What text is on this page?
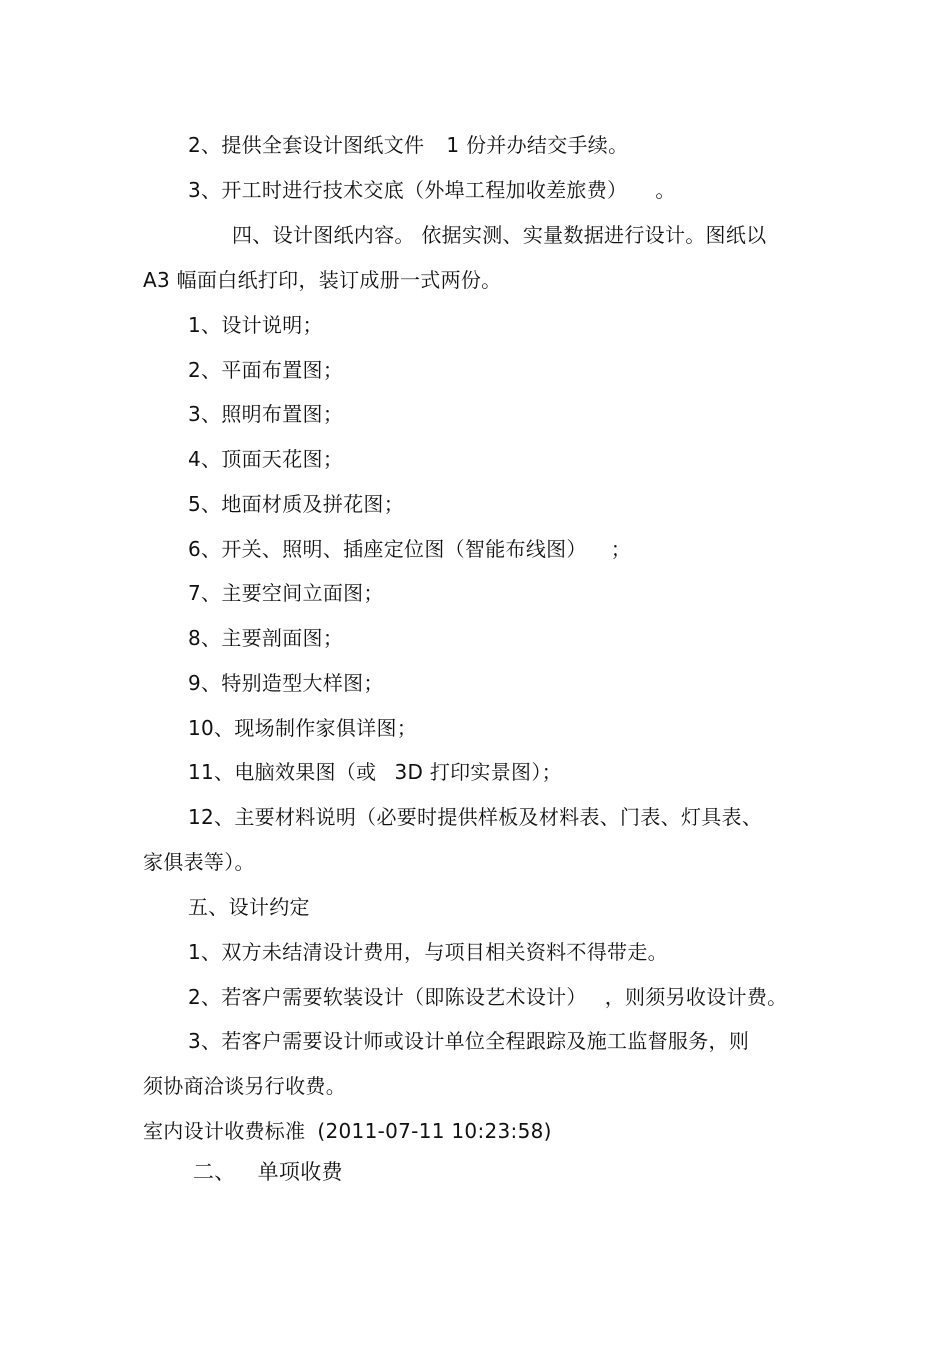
2、提供全套设计图纸文件 1 份并办结交手续。
3、开工时进行技术交底（外埠工程加收差旅费） 。
四、设计图纸内容。 依据实测、实量数据进行设计。图纸以
A3 幅面白纸打印，装订成册一式两份。
1、设计说明；
2、平面布置图；
3、照明布置图；
4、顶面天花图；
5、地面材质及拼花图；
6、开关、照明、插座定位图（智能布线图） ；
7、主要空间立面图；
8、主要剖面图；
9、特别造型大样图；
10、现场制作家俱详图；
11、电脑效果图（或 3D 打印实景图）；
12、主要材料说明（必要时提供样板及材料表、门表、灯具表、
家俱表等）。
五、设计约定
1、双方未结清设计费用，与项目相关资料不得带走。
2、若客户需要软装设计（即陈设艺术设计） ，则须另收设计费。
3、若客户需要设计师或设计单位全程跟踪及施工监督服务，则
须协商洽谈另行收费。
室内设计收费标准 (2011-07-11 10:23:58)
二、 单项收费
